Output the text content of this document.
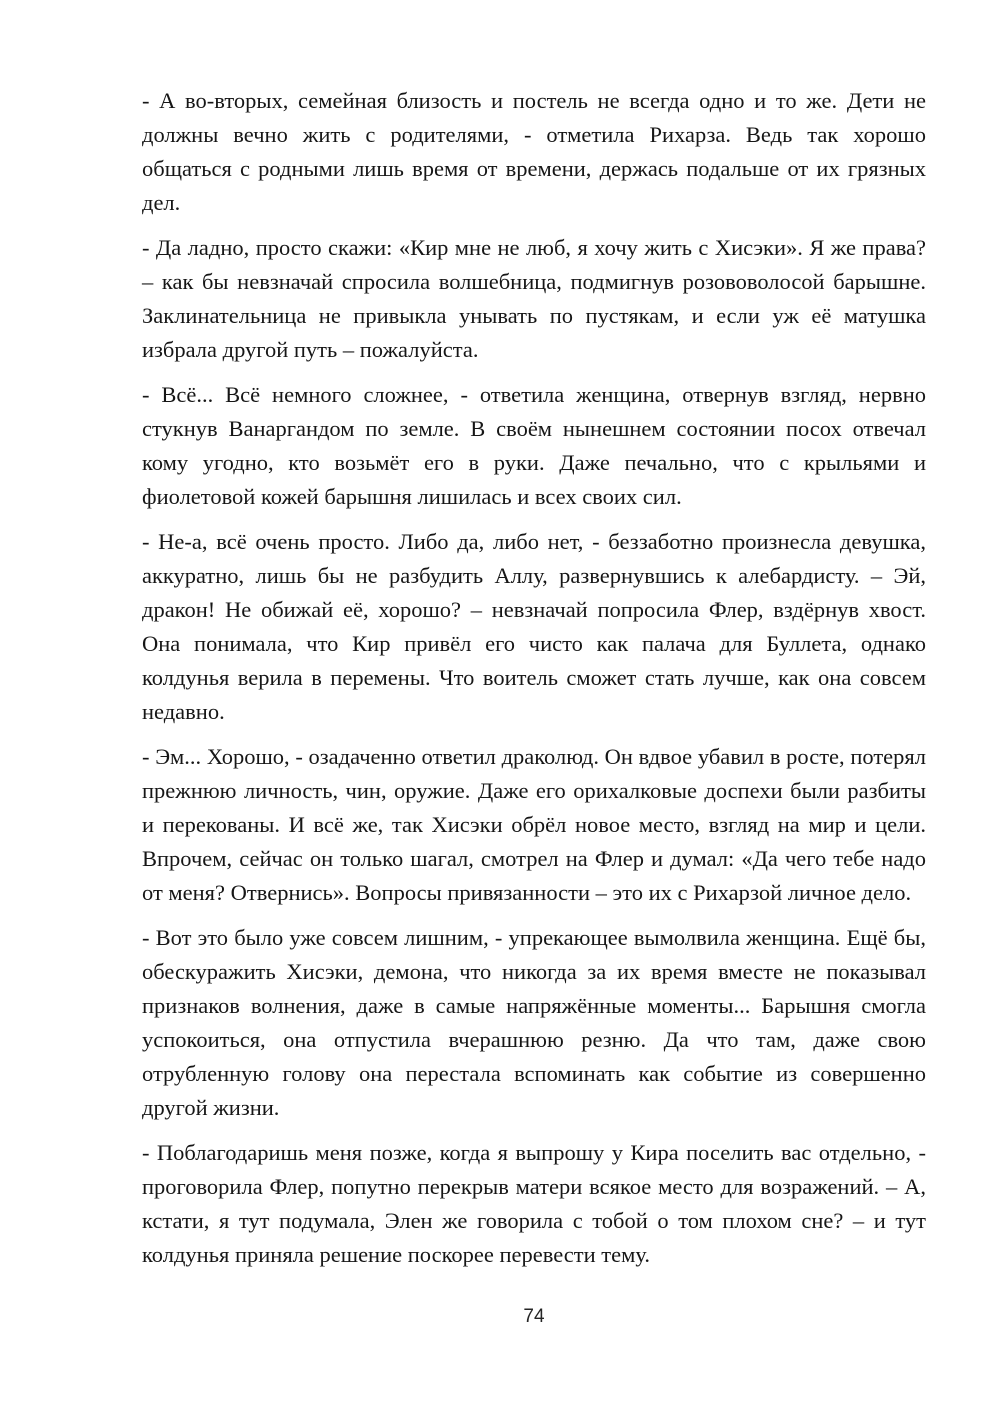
- А во-вторых, семейная близость и постель не всегда одно и то же. Дети не должны вечно жить с родителями, - отметила Рихарза. Ведь так хорошо общаться с родными лишь время от времени, держась подальше от их грязных дел.

- Да ладно, просто скажи: «Кир мне не люб, я хочу жить с Хисэки». Я же права? – как бы невзначай спросила волшебница, подмигнув розововолосой барышне. Заклинательница не привыкла унывать по пустякам, и если уж её матушка избрала другой путь – пожалуйста.

- Всё... Всё немного сложнее, - ответила женщина, отвернув взгляд, нервно стукнув Ванаргандом по земле. В своём нынешнем состоянии посох отвечал кому угодно, кто возьмёт его в руки. Даже печально, что с крыльями и фиолетовой кожей барышня лишилась и всех своих сил.

- Не-а, всё очень просто. Либо да, либо нет, - беззаботно произнесла девушка, аккуратно, лишь бы не разбудить Аллу, развернувшись к алебардисту. – Эй, дракон! Не обижай её, хорошо? – невзначай попросила Флер, вздёрнув хвост. Она понимала, что Кир привёл его чисто как палача для Буллета, однако колдунья верила в перемены. Что воитель сможет стать лучше, как она совсем недавно.

- Эм... Хорошо, - озадаченно ответил драколюд. Он вдвое убавил в росте, потерял прежнюю личность, чин, оружие. Даже его орихалковые доспехи были разбиты и перекованы. И всё же, так Хисэки обрёл новое место, взгляд на мир и цели. Впрочем, сейчас он только шагал, смотрел на Флер и думал: «Да чего тебе надо от меня? Отвернись». Вопросы привязанности – это их с Рихарзой личное дело.

- Вот это было уже совсем лишним, - упрекающее вымолвила женщина. Ещё бы, обескуражить Хисэки, демона, что никогда за их время вместе не показывал признаков волнения, даже в самые напряжённые моменты... Барышня смогла успокоиться, она отпустила вчерашнюю резню. Да что там, даже свою отрубленную голову она перестала вспоминать как событие из совершенно другой жизни.

- Поблагодаришь меня позже, когда я выпрошу у Кира поселить вас отдельно, - проговорила Флер, попутно перекрыв матери всякое место для возражений. – А, кстати, я тут подумала, Элен же говорила с тобой о том плохом сне? – и тут колдунья приняла решение поскорее перевести тему.

74
